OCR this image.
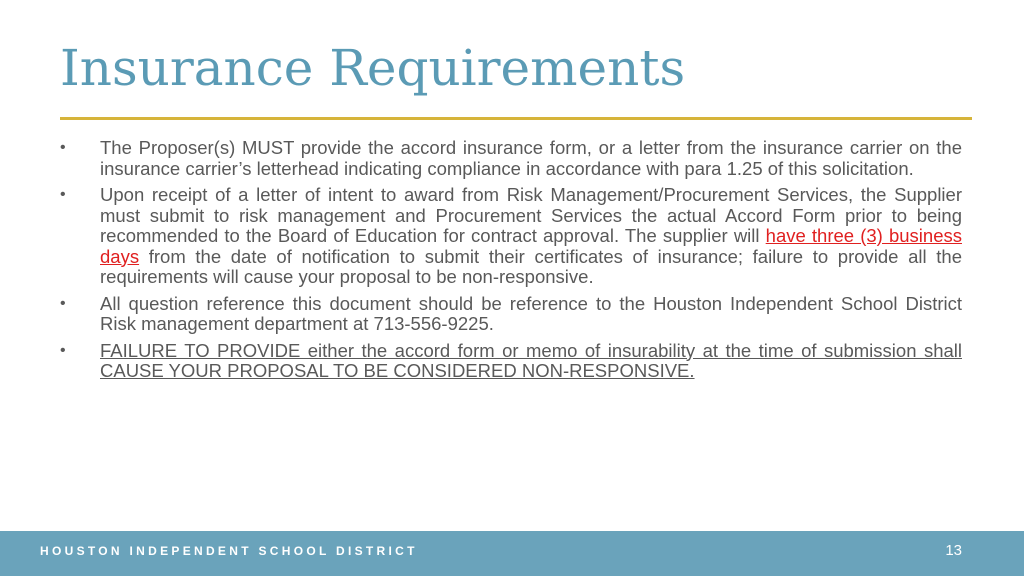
Insurance Requirements
• The Proposer(s) MUST provide the accord insurance form, or a letter from the insurance carrier on the insurance carrier’s letterhead indicating compliance in accordance with para 1.25 of this solicitation.
• Upon receipt of a letter of intent to award from Risk Management/Procurement Services, the Supplier must submit to risk management and Procurement Services the actual Accord Form prior to being recommended to the Board of Education for contract approval. The supplier will have three (3) business days from the date of notification to submit their certificates of insurance; failure to provide all the requirements will cause your proposal to be non-responsive.
• All question reference this document should be reference to the Houston Independent School District Risk management department at 713-556-9225.
• FAILURE TO PROVIDE either the accord form or memo of insurability at the time of submission shall CAUSE YOUR PROPOSAL TO BE CONSIDERED NON-RESPONSIVE.
HOUSTON INDEPENDENT SCHOOL DISTRICT	13
